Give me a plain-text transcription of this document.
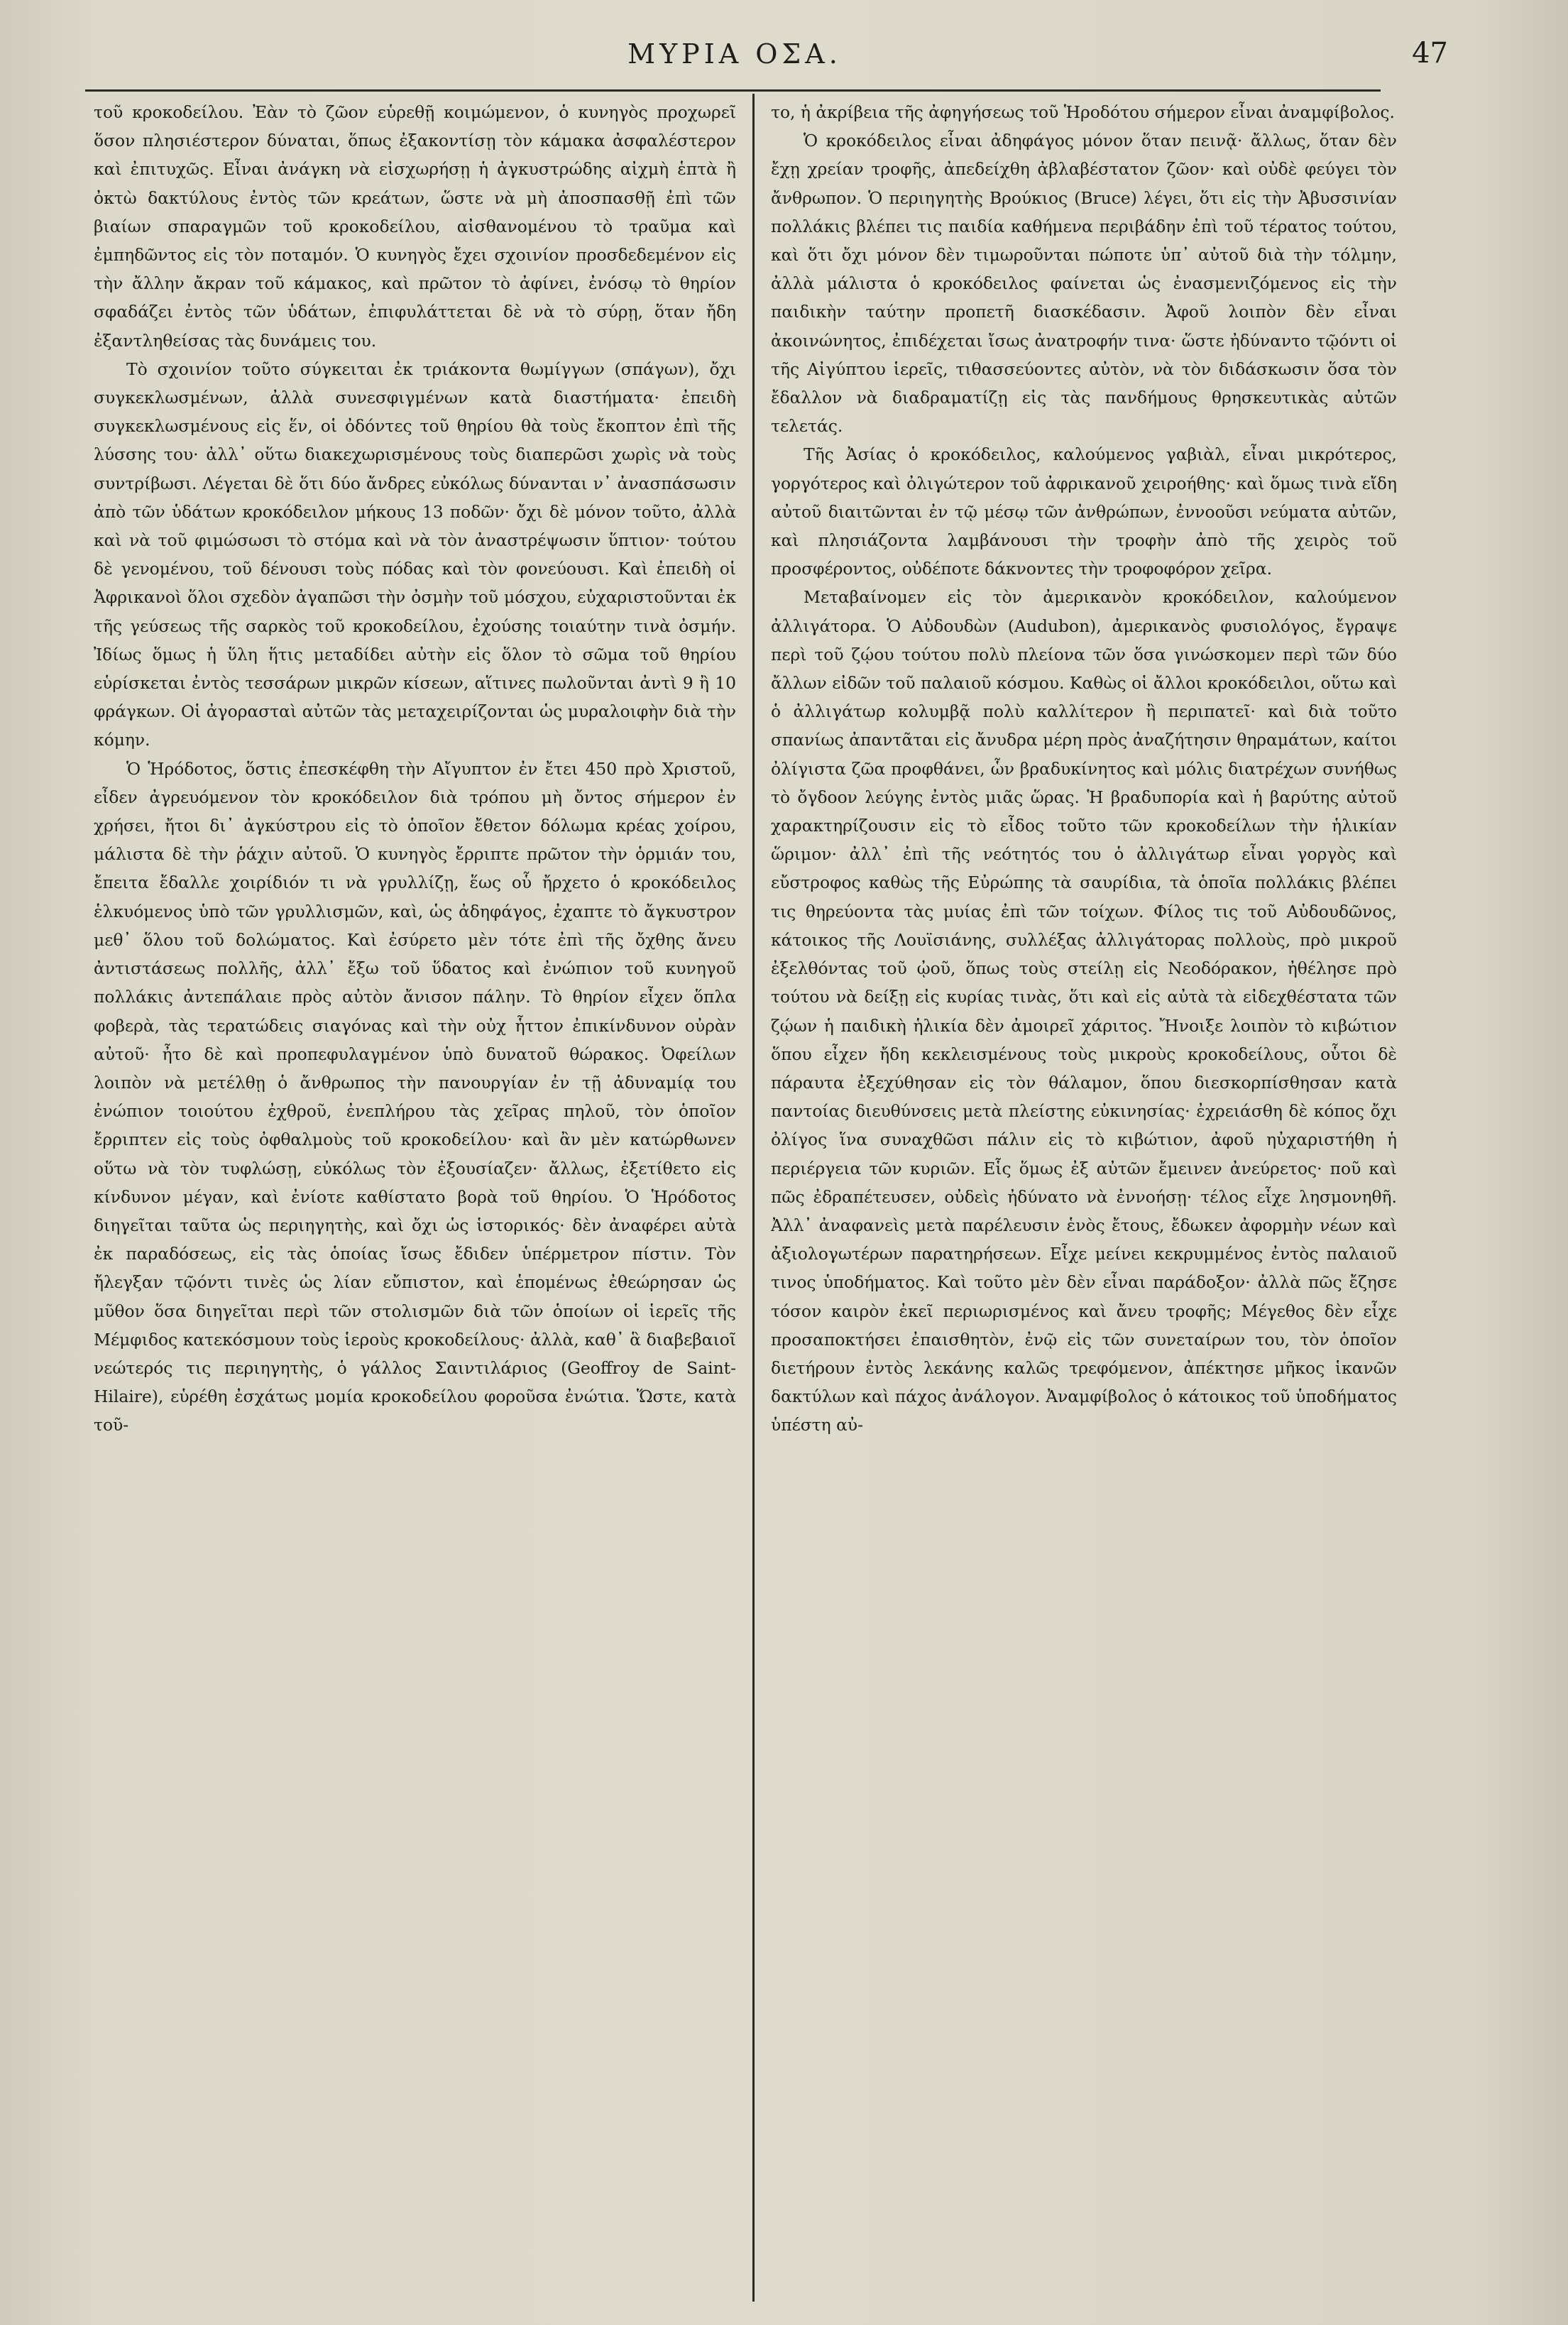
ΜΥΡΙΑ ΟΣΑ.	47

τοῦ κροκοδείλου. Ἐὰν τὸ ζῶον εὑρεθῇ κοιμώμενον, ὁ κυνηγὸς προχωρεῖ ὅσον πλησιέστερον δύναται, ὅπως ἐξακοντίσῃ τὸν κάμακα ἀσφαλέστερον καὶ ἐπιτυχῶς. Εἶναι ἀνάγκη νὰ εἰσχωρήσῃ ἡ ἀγκυστρώδης αἰχμὴ ἑπτὰ ἢ ὀκτὼ δακτύλους ἐντὸς τῶν κρεάτων, ὥστε νὰ μὴ ἀποσπασθῇ ἐπὶ τῶν βιαίων σπαραγμῶν τοῦ κροκοδείλου, αἰσθανομένου τὸ τραῦμα καὶ ἐμπηδῶντος εἰς τὸν ποταμόν. Ὁ κυνηγὸς ἔχει σχοινίον προσδεδεμένον εἰς τὴν ἄλλην ἄκραν τοῦ κάμακος, καὶ πρῶτον τὸ ἀφίνει, ἐνόσῳ τὸ θηρίον σφαδάζει ἐντὸς τῶν ὑδάτων, ἐπιφυλάττεται δὲ νὰ τὸ σύρῃ, ὅταν ἤδη ἐξαντληθείσας τὰς δυνάμεις του.

Τὸ σχοινίον τοῦτο σύγκειται ἐκ τριάκοντα θωμίγγων (σπάγων), ὄχι συγκεκλωσμένων, ἀλλὰ συνεσφιγμένων κατὰ διαστήματα· ἐπειδὴ συγκεκλωσμένους εἰς ἕν, οἱ ὀδόντες τοῦ θηρίου θὰ τοὺς ἔκοπτον ἐπὶ τῆς λύσσης του· ἀλλ᾽ οὕτω διακεχωρισμένους τοὺς διαπερῶσι χωρὶς νὰ τοὺς συντρίβωσι. Λέγεται δὲ ὅτι δύο ἄνδρες εὐκόλως δύνανται ν᾽ ἀνασπάσωσιν ἀπὸ τῶν ὑδάτων κροκόδειλον μήκους 13 ποδῶν· ὄχι δὲ μόνον τοῦτο, ἀλλὰ καὶ νὰ τοῦ φιμώσωσι τὸ στόμα καὶ νὰ τὸν ἀναστρέψωσιν ὕπτιον· τούτου δὲ γενομένου, τοῦ δένουσι τοὺς πόδας καὶ τὸν φονεύουσι. Καὶ ἐπειδὴ οἱ Ἀφρικανοὶ ὅλοι σχεδὸν ἀγαπῶσι τὴν ὀσμὴν τοῦ μόσχου, εὐχαριστοῦνται ἐκ τῆς γεύσεως τῆς σαρκὸς τοῦ κροκοδείλου, ἐχούσης τοιαύτην τινὰ ὀσμήν. Ἰδίως ὅμως ἡ ὕλη ἥτις μεταδίδει αὐτὴν εἰς ὅλον τὸ σῶμα τοῦ θηρίου εὑρίσκεται ἐντὸς τεσσάρων μικρῶν κίσεων, αἵτινες πωλοῦνται ἀντὶ 9 ἢ 10 φράγκων. Οἱ ἀγορασταὶ αὐτῶν τὰς μεταχειρίζονται ὡς μυραλοιφὴν διὰ τὴν κόμην.

Ὁ Ἡρόδοτος, ὅστις ἐπεσκέφθη τὴν Αἴγυπτον ἐν ἔτει 450 πρὸ Χριστοῦ, εἶδεν ἀγρευόμενον τὸν κροκόδειλον διὰ τρόπου μὴ ὄντος σήμερον ἐν χρήσει, ἤτοι δι᾽ ἀγκύστρου εἰς τὸ ὁποῖον ἔθετον δόλωμα κρέας χοίρου, μάλιστα δὲ τὴν ῥάχιν αὐτοῦ. Ὁ κυνηγὸς ἔρριπτε πρῶτον τὴν ὁρμιάν του, ἔπειτα ἔδαλλε χοιρίδιόν τι νὰ γρυλλίζῃ, ἕως οὗ ἤρχετο ὁ κροκόδειλος ἑλκυόμενος ὑπὸ τῶν γρυλλισμῶν, καὶ, ὡς ἀδηφάγος, ἐχαπτε τὸ ἄγκυστρον μεθ᾽ ὅλου τοῦ δολώματος. Καὶ ἐσύρετο μὲν τότε ἐπὶ τῆς ὄχθης ἄνευ ἀντιστάσεως πολλῆς, ἀλλ᾽ ἔξω τοῦ ὕδατος καὶ ἐνώπιον τοῦ κυνηγοῦ πολλάκις ἀντεπάλαιε πρὸς αὐτὸν ἄνισον πάλην. Τὸ θηρίον εἶχεν ὅπλα φοβερὰ, τὰς τερατώδεις σιαγόνας καὶ τὴν οὐχ ἧττον ἐπικίνδυνον οὐρὰν αὐτοῦ· ἦτο δὲ καὶ προπεφυλαγμένον ὑπὸ δυνατοῦ θώρακος. Ὀφείλων λοιπὸν νὰ μετέλθῃ ὁ ἄνθρωπος τὴν πανουργίαν ἐν τῇ ἀδυναμίᾳ του ἐνώπιον τοιούτου ἐχθροῦ, ἐνεπλήρου τὰς χεῖρας πηλοῦ, τὸν ὁποῖον ἔρριπτεν εἰς τοὺς ὀφθαλμοὺς τοῦ κροκοδείλου· καὶ ἂν μὲν κατώρθωνεν οὕτω νὰ τὸν τυφλώσῃ, εὐκόλως τὸν ἐξουσίαζεν· ἄλλως, ἐξετίθετο εἰς κίνδυνον μέγαν, καὶ ἐνίοτε καθίστατο βορὰ τοῦ θηρίου. Ὁ Ἡρόδοτος διηγεῖται ταῦτα ὡς περιηγητὴς, καὶ ὄχι ὡς ἱστορικός· δὲν ἀναφέρει αὐτὰ ἐκ παραδόσεως, εἰς τὰς ὁποίας ἴσως ἔδιδεν ὑπέρμετρον πίστιν. Τὸν ἤλεγξαν τῷόντι τινὲς ὡς λίαν εὔπιστον, καὶ ἑπομένως ἐθεώρησαν ὡς μῦθον ὅσα διηγεῖται περὶ τῶν στολισμῶν διὰ τῶν ὁποίων οἱ ἱερεῖς τῆς Μέμφιδος κατεκόσμουν τοὺς ἱεροὺς κροκοδείλους· ἀλλὰ, καθ᾽ ἃ διαβεβαιοῖ νεώτερός τις περιηγητὴς, ὁ γάλλος Σαιντιλάριος (Geoffroy de Saint-Hilaire), εὑρέθη ἐσχάτως μομία κροκοδείλου φοροῦσα ἐνώτια. Ὥστε, κατὰ τοῦ-

το, ἡ ἀκρίβεια τῆς ἀφηγήσεως τοῦ Ἡροδότου σήμερον εἶναι ἀναμφίβολος.

Ὁ κροκόδειλος εἶναι ἀδηφάγος μόνον ὅταν πεινᾷ· ἄλλως, ὅταν δὲν ἔχῃ χρείαν τροφῆς, ἀπεδείχθη ἀβλαβέστατον ζῶον· καὶ οὐδὲ φεύγει τὸν ἄνθρωπον. Ὁ περιηγητὴς Βρούκιος (Bruce) λέγει, ὅτι εἰς τὴν Ἀβυσσινίαν πολλάκις βλέπει τις παιδία καθήμενα περιβάδην ἐπὶ τοῦ τέρατος τούτου, καὶ ὅτι ὄχι μόνον δὲν τιμωροῦνται πώποτε ὑπ᾽ αὐτοῦ διὰ τὴν τόλμην, ἀλλὰ μάλιστα ὁ κροκόδειλος φαίνεται ὡς ἐνασμενιζόμενος εἰς τὴν παιδικὴν ταύτην προπετῆ διασκέδασιν. Ἀφοῦ λοιπὸν δὲν εἶναι ἀκοινώνητος, ἐπιδέχεται ἴσως ἀνατροφήν τινα· ὥστε ἠδύναντο τῷόντι οἱ τῆς Αἰγύπτου ἱερεῖς, τιθασσεύοντες αὐτὸν, νὰ τὸν διδάσκωσιν ὅσα τὸν ἔδαλλον νὰ διαδραματίζῃ εἰς τὰς πανδήμους θρησκευτικὰς αὐτῶν τελετάς.

Τῆς Ἀσίας ὁ κροκόδειλος, καλούμενος γαβιὰλ, εἶναι μικρότερος, γοργότερος καὶ ὀλιγώτερον τοῦ ἀφρικανοῦ χειροήθης· καὶ ὅμως τινὰ εἴδη αὐτοῦ διαιτῶνται ἐν τῷ μέσῳ τῶν ἀνθρώπων, ἐννοοῦσι νεύματα αὐτῶν, καὶ πλησιάζοντα λαμβάνουσι τὴν τροφὴν ἀπὸ τῆς χειρὸς τοῦ προσφέροντος, οὐδέποτε δάκνοντες τὴν τροφοφόρον χεῖρα.

Μεταβαίνομεν εἰς τὸν ἀμερικανὸν κροκόδειλον, καλούμενον ἀλλιγάτορα. Ὁ Αὐδουδὼν (Audubon), ἀμερικανὸς φυσιολόγος, ἔγραψε περὶ τοῦ ζῴου τούτου πολὺ πλείονα τῶν ὅσα γινώσκομεν περὶ τῶν δύο ἄλλων εἰδῶν τοῦ παλαιοῦ κόσμου. Καθὼς οἱ ἄλλοι κροκόδειλοι, οὕτω καὶ ὁ ἀλλιγάτωρ κολυμβᾷ πολὺ καλλίτερον ἢ περιπατεῖ· καὶ διὰ τοῦτο σπανίως ἀπαντᾶται εἰς ἄνυδρα μέρη πρὸς ἀναζήτησιν θηραμάτων, καίτοι ὀλίγιστα ζῶα προφθάνει, ὧν βραδυκίνητος καὶ μόλις διατρέχων συνήθως τὸ ὄγδοον λεύγης ἐντὸς μιᾶς ὥρας. Ἡ βραδυπορία καὶ ἡ βαρύτης αὐτοῦ χαρακτηρίζουσιν εἰς τὸ εἶδος τοῦτο τῶν κροκοδείλων τὴν ἡλικίαν ὥριμον· ἀλλ᾽ ἐπὶ τῆς νεότητός του ὁ ἀλλιγάτωρ εἶναι γοργὸς καὶ εὔστροφος καθὼς τῆς Εὐρώπης τὰ σαυρίδια, τὰ ὁποῖα πολλάκις βλέπει τις θηρεύοντα τὰς μυίας ἐπὶ τῶν τοίχων. Φίλος τις τοῦ Αὐδουδῶνος, κάτοικος τῆς Λουϊσιάνης, συλλέξας ἀλλιγάτορας πολλοὺς, πρὸ μικροῦ ἐξελθόντας τοῦ ᾠοῦ, ὅπως τοὺς στείλῃ εἰς Νεοδόρακον, ἠθέλησε πρὸ τούτου νὰ δείξῃ εἰς κυρίας τινὰς, ὅτι καὶ εἰς αὐτὰ τὰ εἰδεχθέστατα τῶν ζῴων ἡ παιδικὴ ἡλικία δὲν ἀμοιρεῖ χάριτος. Ἤνοιξε λοιπὸν τὸ κιβώτιον ὅπου εἶχεν ἤδη κεκλεισμένους τοὺς μικροὺς κροκοδείλους, οὗτοι δὲ πάραυτα ἐξεχύθησαν εἰς τὸν θάλαμον, ὅπου διεσκορπίσθησαν κατὰ παντοίας διευθύνσεις μετὰ πλείστης εὐκινησίας· ἐχρειάσθη δὲ κόπος ὄχι ὀλίγος ἵνα συναχθῶσι πάλιν εἰς τὸ κιβώτιον, ἀφοῦ ηὐχαριστήθη ἡ περιέργεια τῶν κυριῶν. Εἷς ὅμως ἐξ αὐτῶν ἔμεινεν ἀνεύρετος· ποῦ καὶ πῶς ἐδραπέτευσεν, οὐδεὶς ἠδύνατο νὰ ἐννοήσῃ· τέλος εἶχε λησμονηθῆ. Ἀλλ᾽ ἀναφανεὶς μετὰ παρέλευσιν ἑνὸς ἔτους, ἔδωκεν ἀφορμὴν νέων καὶ ἀξιολογωτέρων παρατηρήσεων. Εἶχε μείνει κεκρυμμένος ἐντὸς παλαιοῦ τινος ὑποδήματος. Καὶ τοῦτο μὲν δὲν εἶναι παράδοξον· ἀλλὰ πῶς ἔζησε τόσον καιρὸν ἐκεῖ περιωρισμένος καὶ ἄνευ τροφῆς; Μέγεθος δὲν εἶχε προσαποκτήσει ἐπαισθητὸν, ἐνῷ εἰς τῶν συνεταίρων του, τὸν ὁποῖον διετήρουν ἐντὸς λεκάνης καλῶς τρεφόμενον, ἀπέκτησε μῆκος ἱκανῶν δακτύλων καὶ πάχος ἀνάλογον. Ἀναμφίβολος ὁ κάτοικος τοῦ ὑποδήματος ὑπέστη αὐ-
